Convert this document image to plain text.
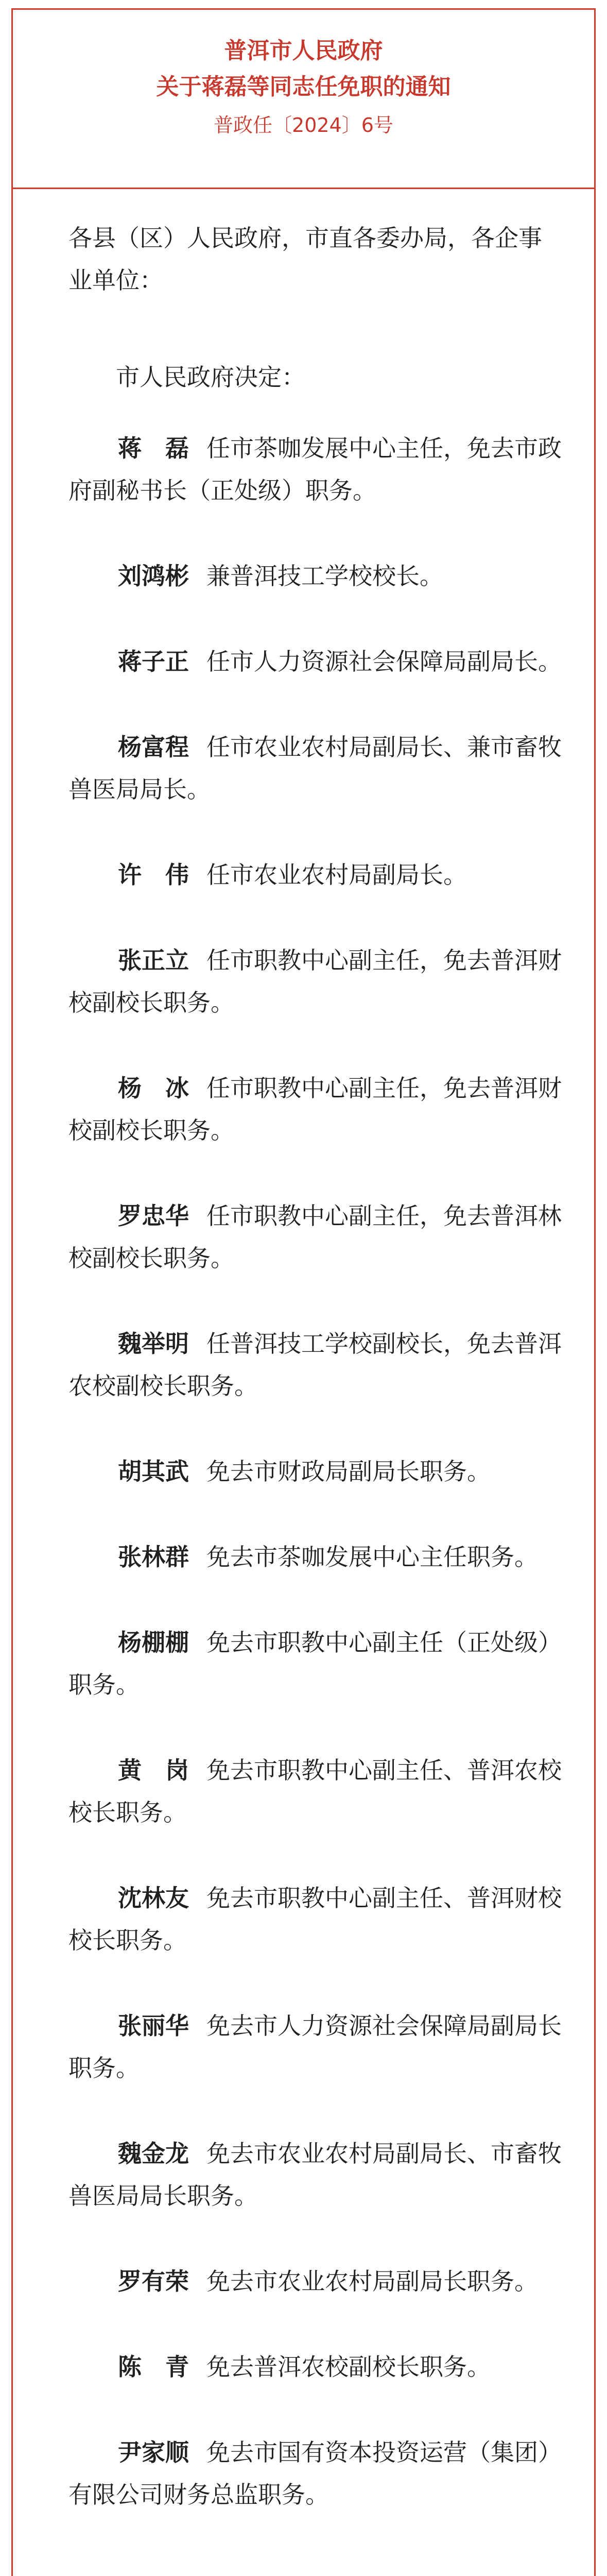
普洱市人民政府
关于蒋磊等同志任免职的通知
普政任〔2024〕6号
各县（区）人民政府，市直各委办局，各企事业单位：
市人民政府决定：
蒋　磊 任市茶咖发展中心主任，免去市政府副秘书长（正处级）职务。
刘鸿彬 兼普洱技工学校校长。
蒋子正 任市人力资源社会保障局副局长。
杨富程 任市农业农村局副局长、兼市畜牧兽医局局长。
许　伟 任市农业农村局副局长。
张正立 任市职教中心副主任，免去普洱财校副校长职务。
杨　冰 任市职教中心副主任，免去普洱财校副校长职务。
罗忠华 任市职教中心副主任，免去普洱林校副校长职务。
魏举明 任普洱技工学校副校长，免去普洱农校副校长职务。
胡其武 免去市财政局副局长职务。
张林群 免去市茶咖发展中心主任职务。
杨棚棚 免去市职教中心副主任（正处级）职务。
黄　岗 免去市职教中心副主任、普洱农校校长职务。
沈林友 免去市职教中心副主任、普洱财校校长职务。
张丽华 免去市人力资源社会保障局副局长职务。
魏金龙 免去市农业农村局副局长、市畜牧兽医局局长职务。
罗有荣 免去市农业农村局副局长职务。
陈　青 免去普洱农校副校长职务。
尹家顺 免去市国有资本投资运营（集团）有限公司财务总监职务。
